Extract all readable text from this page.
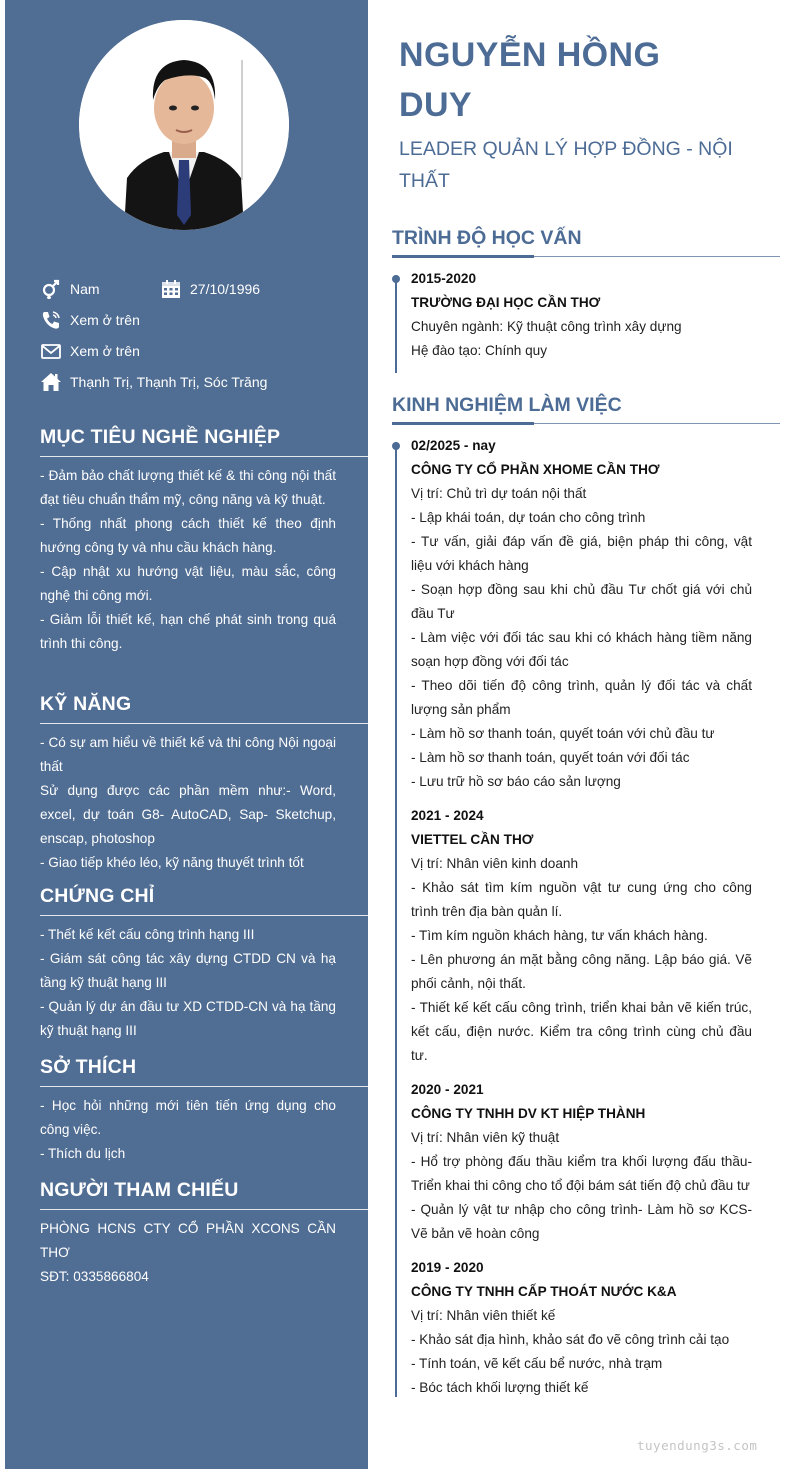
Nam	27/10/1996
Xem ở trên
Xem ở trên
Thạnh Trị, Thạnh Trị, Sóc Trăng
MỤC TIÊU NGHỀ NGHIỆP

- Đảm bảo chất lượng thiết kế & thi công nội thất đạt tiêu chuẩn thẩm mỹ, công năng và kỹ thuật.

- Thống nhất phong cách thiết kế theo định hướng công ty và nhu cầu khách hàng.

- Cập nhật xu hướng vật liệu, màu sắc, công nghệ thi công mới.

- Giảm lỗi thiết kế, hạn chế phát sinh trong quá trình thi công.

KỸ NĂNG

- Có sự am hiểu về thiết kế và thi công Nội ngoại thất

Sử dụng được các phần mềm như:- Word, excel, dự toán G8- AutoCAD, Sap- Sketchup, enscap, photoshop

- Giao tiếp khéo léo, kỹ năng thuyết trình tốt

CHỨNG CHỈ

- Thết kế kết cấu công trình hạng III

- Giám sát công tác xây dựng CTDD CN và hạ tầng kỹ thuật hạng III

- Quản lý dự án đầu tư XD CTDD-CN và hạ tầng kỹ thuật hạng III

SỞ THÍCH

- Học hỏi những mới tiên tiến ứng dụng cho công việc.

- Thích du lịch

NGƯỜI THAM CHIẾU

PHÒNG HCNS CTY CỔ PHẦN XCONS CẦN THƠ

SĐT: 0335866804

NGUYỄN HỒNG
DUY
LEADER QUẢN LÝ HỢP ĐỒNG - NỘI
THẤT
TRÌNH ĐỘ HỌC VẤN

2015-2020

TRƯỜNG ĐẠI HỌC CẦN THƠ

Chuyên ngành: Kỹ thuật công trình xây dựng

Hệ đào tạo: Chính quy

KINH NGHIỆM LÀM VIỆC

02/2025 - nay

CÔNG TY CỔ PHẦN XHOME CẦN THƠ

Vị trí: Chủ trì dự toán nội thất

- Lập khái toán, dự toán cho công trình

- Tư vấn, giải đáp vấn đề giá, biện pháp thi công, vật liệu với khách hàng

- Soạn hợp đồng sau khi chủ đầu Tư chốt giá với chủ đầu Tư

- Làm việc với đối tác sau khi có khách hàng tiềm năng soạn hợp đồng với đối tác

- Theo dõi tiến độ công trình, quản lý đối tác và chất lượng sản phẩm

- Làm hồ sơ thanh toán, quyết toán với chủ đầu tư

- Làm hồ sơ thanh toán, quyết toán với đối tác

- Lưu trữ hồ sơ báo cáo sản lượng

2021 - 2024

VIETTEL CẦN THƠ

Vị trí: Nhân viên kinh doanh

- Khảo sát tìm kím nguồn vật tư cung ứng cho công trình trên địa bàn quản lí.

- Tìm kím nguồn khách hàng, tư vấn khách hàng.

- Lên phương án mặt bằng công năng. Lập báo giá. Vẽ phối cảnh, nội thất.

- Thiết kế kết cấu công trình, triển khai bản vẽ kiến trúc, kết cấu, điện nước. Kiểm tra công trình cùng chủ đầu tư.

2020 - 2021

CÔNG TY TNHH DV KT HIỆP THÀNH

Vị trí: Nhân viên kỹ thuật

- Hổ trợ phòng đấu thầu kiểm tra khối lượng đấu thầu- Triển khai thi công cho tổ đội bám sát tiến độ chủ đầu tư

- Quản lý vật tư nhập cho công trình- Làm hồ sơ KCS- Vẽ bản vẽ hoàn công

2019 - 2020

CÔNG TY TNHH CẤP THOÁT NƯỚC K&A

Vị trí: Nhân viên thiết kế

- Khảo sát địa hình, khảo sát đo vẽ công trình cải tạo

- Tính toán, vẽ kết cấu bể nước, nhà trạm

- Bóc tách khối lượng thiết kế

tuyendung3s.com
